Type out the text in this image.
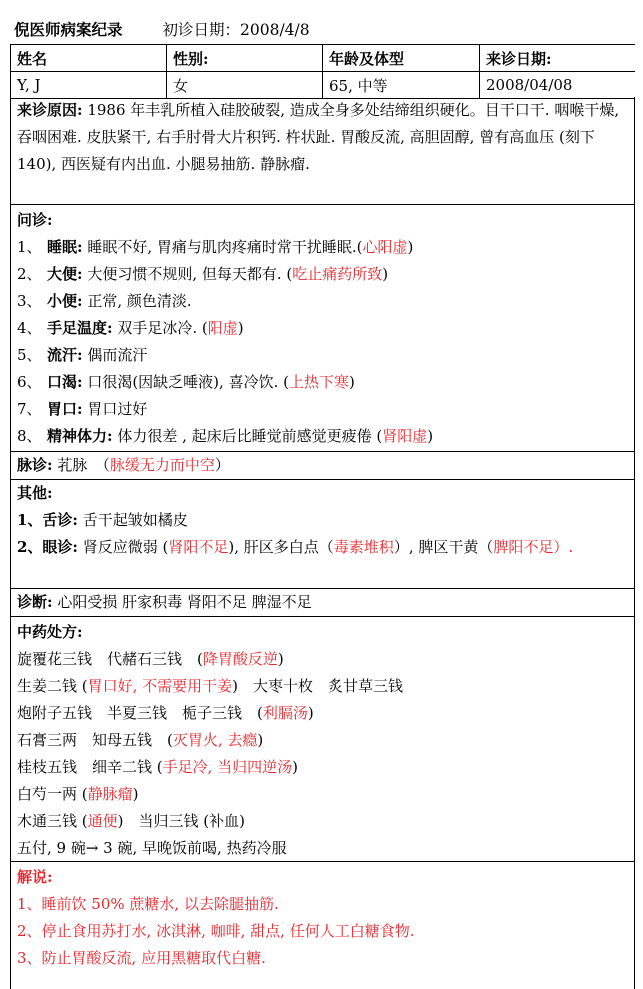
倪医师病案纪录	初诊日期：2008/4/8
姓名	性别:	年龄及体型	来诊日期:
Y, J	女	65, 中等	2008/04/08
来诊原因: 1986 年丰乳所植入硅胶破裂, 造成全身多处结缔组织硬化。目干口干. 咽喉干燥, 吞咽困难. 皮肤紧干, 右手肘骨大片积钙. 杵状趾. 胃酸反流, 高胆固醇, 曾有高血压 (刻下 140), 西医疑有内出血. 小腿易抽筋. 静脉瘤.
问诊:
1、 睡眠: 睡眠不好, 胃痛与肌肉疼痛时常干扰睡眠.(心阳虚)
2、 大便: 大便习惯不规则, 但每天都有. (吃止痛药所致)
3、 小便: 正常, 颜色清淡.
4、 手足温度: 双手足冰冷. (阳虚)
5、 流汗: 偶而流汗
6、 口渴: 口很渴(因缺乏唾液), 喜冷饮. (上热下寒)
7、 胃口: 胃口过好
8、 精神体力: 体力很差 , 起床后比睡觉前感觉更疲倦 (肾阳虚)
脉诊: 芤脉　（脉缓无力而中空）
其他:
1、舌诊: 舌干起皱如橘皮
2、眼诊: 肾反应微弱 (肾阳不足), 肝区多白点（毒素堆积）, 脾区干黄（脾阳不足）.
诊断: 心阳受损 肝家积毒 肾阳不足 脾湿不足
中药处方:
旋覆花三钱　代赭石三钱　(降胃酸反逆)
生姜二钱 (胃口好, 不需要用干姜)　大枣十枚　炙甘草三钱
炮附子五钱　半夏三钱　栀子三钱　(利膈汤)
石膏三两　知母五钱　(灭胃火, 去瘾)
桂枝五钱　细辛二钱 (手足冷, 当归四逆汤)
白芍一两 (静脉瘤)
木通三钱 (通便)　当归三钱 (补血)
五付, 9 碗→ 3 碗, 早晚饭前喝, 热药冷服
解说:
1、睡前饮 50% 蔗糖水, 以去除腿抽筋.
2、停止食用苏打水, 冰淇淋, 咖啡, 甜点, 任何人工白糖食物.
3、防止胃酸反流, 应用黑糖取代白糖.
